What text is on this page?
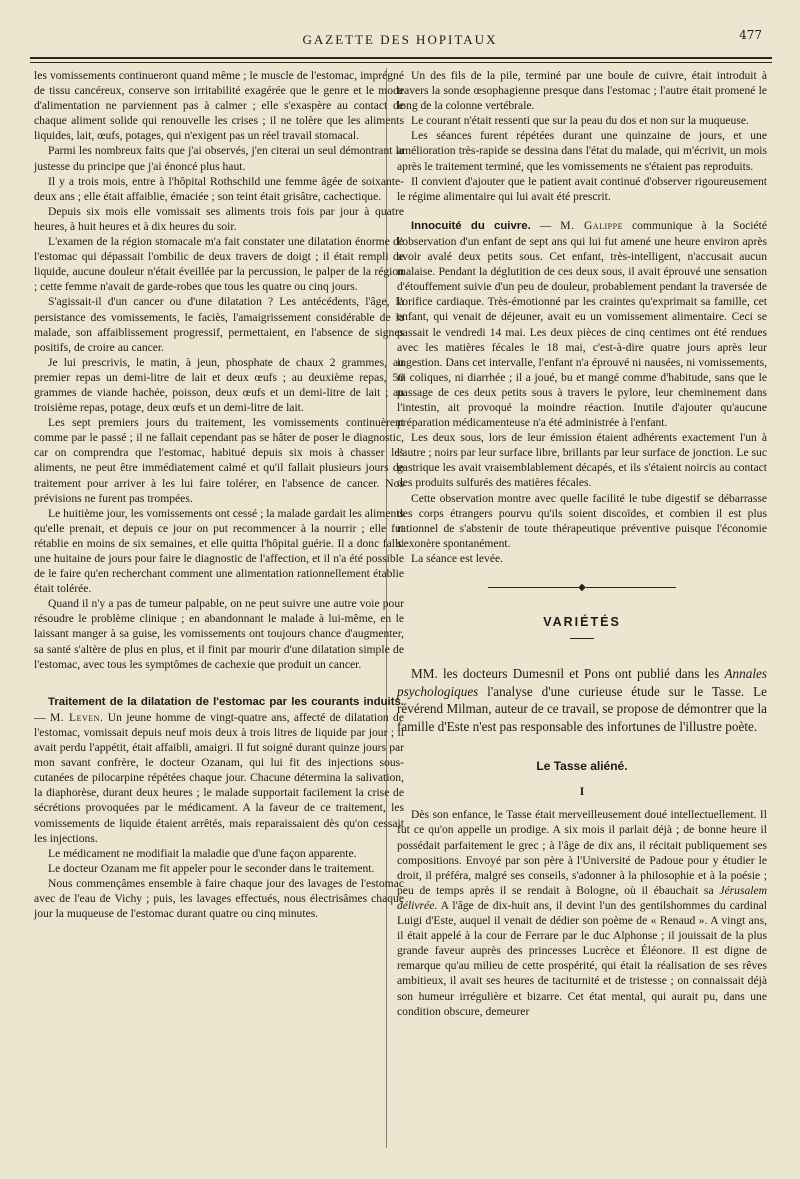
GAZETTE DES HOPITAUX	477

les vomissements continueront quand même ; le muscle de l'estomac, imprégné de tissu cancéreux, conserve son irritabilité exagérée que le genre et le mode d'alimentation ne parviennent pas à calmer ; elle s'exaspère au contact de chaque aliment solide qui renouvelle les crises ; il ne tolère que les aliments liquides, lait, œufs, potages, qui n'exigent pas un réel travail stomacal.

Parmi les nombreux faits que j'ai observés, j'en citerai un seul démontrant la justesse du principe que j'ai énoncé plus haut.

Il y a trois mois, entre à l'hôpital Rothschild une femme âgée de soixante-deux ans ; elle était affaiblie, émaciée ; son teint était grisâtre, cachectique.

Depuis six mois elle vomissait ses aliments trois fois par jour à quatre heures, à huit heures et à dix heures du soir.

L'examen de la région stomacale m'a fait constater une dilatation énorme de l'estomac qui dépassait l'ombilic de deux travers de doigt ; il était rempli de liquide, aucune douleur n'était éveillée par la percussion, le palper de la région ; cette femme n'avait de garde-robes que tous les quatre ou cinq jours.

S'agissait-il d'un cancer ou d'une dilatation ? Les antécédents, l'âge, la persistance des vomissements, le faciès, l'amaigrissement considérable de la malade, son affaiblissement progressif, permettaient, en l'absence de signes positifs, de croire au cancer.

Je lui prescrivis, le matin, à jeun, phosphate de chaux 2 grammes, au premier repas un demi-litre de lait et deux œufs ; au deuxième repas, 50 grammes de viande hachée, poisson, deux œufs et un demi-litre de lait ; au troisième repas, potage, deux œufs et un demi-litre de lait.

Les sept premiers jours du traitement, les vomissements continuèrent comme par le passé ; il ne fallait cependant pas se hâter de poser le diagnostic, car on comprendra que l'estomac, habitué depuis six mois à chasser les aliments, ne peut être immédiatement calmé et qu'il fallait plusieurs jours de traitement pour arriver à les lui faire tolérer, en l'absence de cancer. Nos prévisions ne furent pas trompées.

Le huitième jour, les vomissements ont cessé ; la malade gardait les aliments qu'elle prenait, et depuis ce jour on put recommencer à la nourrir ; elle fut rétablie en moins de six semaines, et elle quitta l'hôpital guérie. Il a donc fallu une huitaine de jours pour faire le diagnostic de l'affection, et il n'a été possible de le faire qu'en recherchant comment une alimentation rationnellement établie était tolérée.

Quand il n'y a pas de tumeur palpable, on ne peut suivre une autre voie pour résoudre le problème clinique ; en abandonnant le malade à lui-même, en le laissant manger à sa guise, les vomissements ont toujours chance d'augmenter, sa santé s'altère de plus en plus, et il finit par mourir d'une dilatation simple de l'estomac, avec tous les symptômes de cachexie que produit un cancer.

Traitement de la dilatation de l'estomac par les courants induits. — M. Leven. Un jeune homme de vingt-quatre ans, affecté de dilatation de l'estomac, vomissait depuis neuf mois deux à trois litres de liquide par jour ; il avait perdu l'appétit, était affaibli, amaigri. Il fut soigné durant quinze jours par mon savant confrère, le docteur Ozanam, qui lui fit des injections sous-cutanées de pilocarpine répétées chaque jour. Chacune détermina la salivation, la diaphorèse, durant deux heures ; le malade supportait facilement la crise de sécrétions provoquées par le médicament. A la faveur de ce traitement, les vomissements de liquide étaient arrêtés, mais reparaissaient dès qu'on cessait les injections.

Le médicament ne modifiait la maladie que d'une façon apparente.

Le docteur Ozanam me fit appeler pour le seconder dans le traitement.

Nous commençâmes ensemble à faire chaque jour des lavages de l'estomac avec de l'eau de Vichy ; puis, les lavages effectués, nous électrisâmes chaque jour la muqueuse de l'estomac durant quatre ou cinq minutes.

Un des fils de la pile, terminé par une boule de cuivre, était introduit à travers la sonde œsophagienne presque dans l'estomac ; l'autre était promené le long de la colonne vertébrale.

Le courant n'était ressenti que sur la peau du dos et non sur la muqueuse.

Les séances furent répétées durant une quinzaine de jours, et une amélioration très-rapide se dessina dans l'état du malade, qui m'écrivit, un mois après le traitement terminé, que les vomissements ne s'étaient pas reproduits.

Il convient d'ajouter que le patient avait continué d'observer rigoureusement le régime alimentaire qui lui avait été prescrit.

Innocuité du cuivre. — M. Galippe communique à la Société l'observation d'un enfant de sept ans qui lui fut amené une heure environ après avoir avalé deux petits sous. Cet enfant, très-intelligent, n'accusait aucun malaise. Pendant la déglutition de ces deux sous, il avait éprouvé une sensation d'étouffement suivie d'un peu de douleur, probablement pendant la traversée de l'orifice cardiaque. Très-émotionné par les craintes qu'exprimait sa famille, cet enfant, qui venait de déjeuner, avait eu un vomissement alimentaire. Ceci se passait le vendredi 14 mai. Les deux pièces de cinq centimes ont été rendues avec les matières fécales le 18 mai, c'est-à-dire quatre jours après leur ingestion. Dans cet intervalle, l'enfant n'a éprouvé ni nausées, ni vomissements, ni coliques, ni diarrhée ; il a joué, bu et mangé comme d'habitude, sans que le passage de ces deux petits sous à travers le pylore, leur cheminement dans l'intestin, ait provoqué la moindre réaction. Inutile d'ajouter qu'aucune préparation médicamenteuse n'a été administrée à l'enfant.

Les deux sous, lors de leur émission étaient adhérents exactement l'un à l'autre ; noirs par leur surface libre, brillants par leur surface de jonction. Le suc gastrique les avait vraisemblablement décapés, et ils s'étaient noircis au contact des produits sulfurés des matières fécales.

Cette observation montre avec quelle facilité le tube digestif se débarrasse des corps étrangers pourvu qu'ils soient discoïdes, et combien il est plus rationnel de s'abstenir de toute thérapeutique préventive puisque l'économie s'exonère spontanément.

La séance est levée.

◆
VARIÉTÉS

MM. les docteurs Dumesnil et Pons ont publié dans les Annales psychologiques l'analyse d'une curieuse étude sur le Tasse. Le révérend Milman, auteur de ce travail, se propose de démontrer que la famille d'Este n'est pas responsable des infortunes de l'illustre poète.

Le Tasse aliéné.
I

Dès son enfance, le Tasse était merveilleusement doué intellectuellement. Il fut ce qu'on appelle un prodige. A six mois il parlait déjà ; de bonne heure il possédait parfaitement le grec ; à l'âge de dix ans, il récitait publiquement ses compositions. Envoyé par son père à l'Université de Padoue pour y étudier le droit, il préféra, malgré ses conseils, s'adonner à la philosophie et à la poésie ; peu de temps après il se rendait à Bologne, où il ébauchait sa Jérusalem délivrée. A l'âge de dix-huit ans, il devint l'un des gentilshommes du cardinal Luigi d'Este, auquel il venait de dédier son poème de « Renaud ». A vingt ans, il était appelé à la cour de Ferrare par le duc Alphonse ; il jouissait de la plus grande faveur auprès des princesses Lucrèce et Éléonore. Il est digne de remarque qu'au milieu de cette prospérité, qui était la réalisation de ses rêves ambitieux, il avait ses heures de taciturnité et de tristesse ; on connaissait déjà son humeur irrégulière et bizarre. Cet état mental, qui aurait pu, dans une condition obscure, demeurer
